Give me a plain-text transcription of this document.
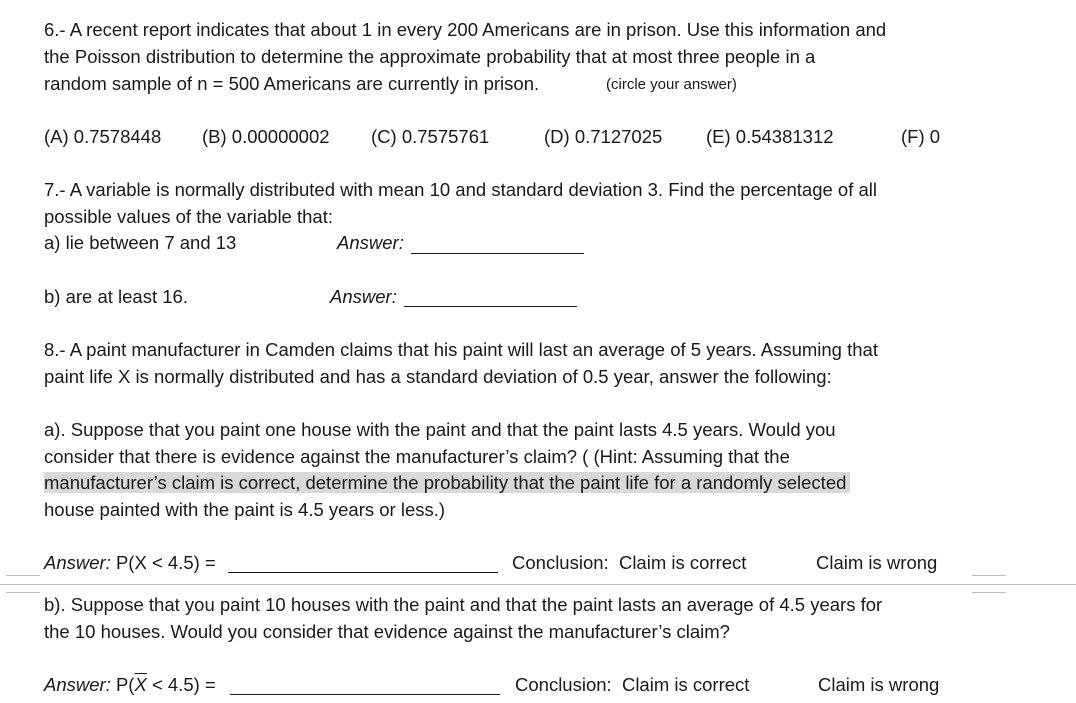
6.- A recent report indicates that about 1 in every 200 Americans are in prison. Use this information and
the Poisson distribution to determine the approximate probability that at most three people in a
random sample of n = 500 Americans are currently in prison.	(circle your answer)
(A) 0.7578448 (B) 0.00000002 (C) 0.7575761	(D) 0.7127025 (E) 0.54381312	(F) 0
7.- A variable is normally distributed with mean 10 and standard deviation 3. Find the percentage of all
possible values of the variable that:
a) lie between 7 and 13	Answer:
b) are at least 16.	Answer:
8.- A paint manufacturer in Camden claims that his paint will last an average of 5 years. Assuming that
paint life X is normally distributed and has a standard deviation of 0.5 year, answer the following:
a). Suppose that you paint one house with the paint and that the paint lasts 4.5 years. Would you
consider that there is evidence against the manufacturer’s claim? ( (Hint: Assuming that the
manufacturer’s claim is correct, determine the probability that the paint life for a randomly selected
house painted with the paint is 4.5 years or less.)
Answer: P(X < 4.5) =	Conclusion: Claim is correct	Claim is wrong
b). Suppose that you paint 10 houses with the paint and that the paint lasts an average of 4.5 years for
the 10 houses. Would you consider that evidence against the manufacturer’s claim?
Answer: $P(\overline{X} < 4.5)$ =	Conclusion: Claim is correct	Claim is wrong
